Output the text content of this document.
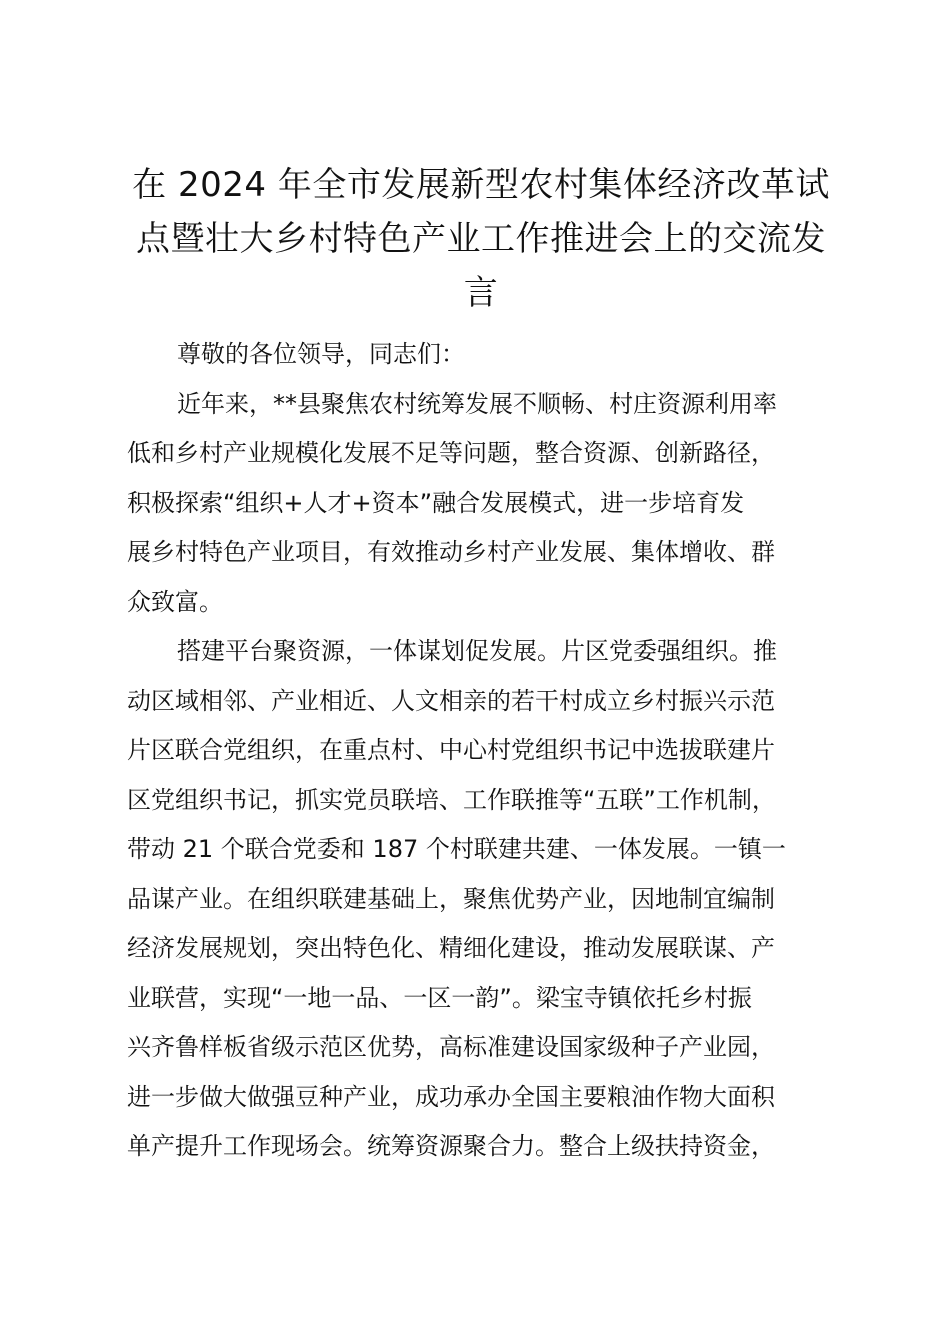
在 2024 年全市发展新型农村集体经济改革试
点暨壮大乡村特色产业工作推进会上的交流发
言
尊敬的各位领导，同志们：
近年来，**县聚焦农村统筹发展不顺畅、村庄资源利用率
低和乡村产业规模化发展不足等问题，整合资源、创新路径，
积极探索“组织+人才+资本”融合发展模式，进一步培育发
展乡村特色产业项目，有效推动乡村产业发展、集体增收、群
众致富。
搭建平台聚资源，一体谋划促发展。片区党委强组织。推
动区域相邻、产业相近、人文相亲的若干村成立乡村振兴示范
片区联合党组织，在重点村、中心村党组织书记中选拔联建片
区党组织书记，抓实党员联培、工作联推等“五联”工作机制，
带动 21 个联合党委和 187 个村联建共建、一体发展。一镇一
品谋产业。在组织联建基础上，聚焦优势产业，因地制宜编制
经济发展规划，突出特色化、精细化建设，推动发展联谋、产
业联营，实现“一地一品、一区一韵”。梁宝寺镇依托乡村振
兴齐鲁样板省级示范区优势，高标准建设国家级种子产业园，
进一步做大做强豆种产业，成功承办全国主要粮油作物大面积
单产提升工作现场会。统筹资源聚合力。整合上级扶持资金，
